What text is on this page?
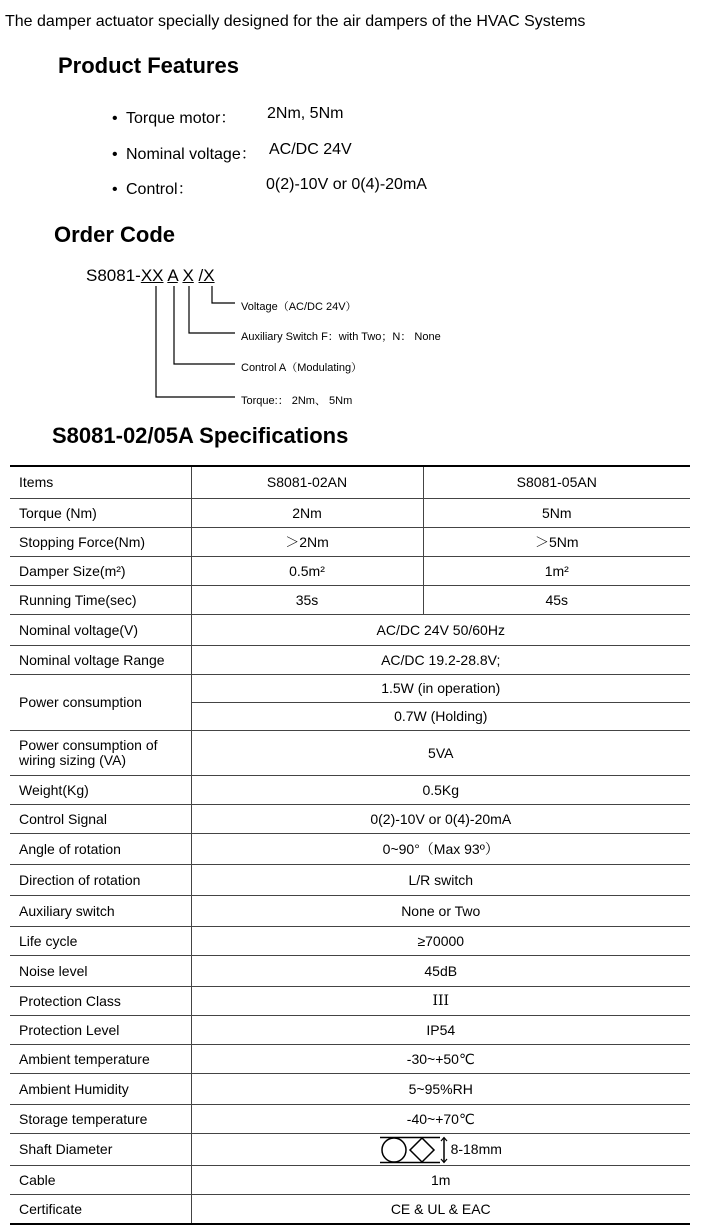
The damper actuator specially designed for the air dampers of the HVAC Systems
Product Features
• Torque motor： 2Nm, 5Nm
• Nominal voltage： AC/DC 24V
• Control：	0(2)-10V or 0(4)-20mA
Order Code
S8081-XX A X /X
Voltage（AC/DC 24V）
Auxiliary Switch F：with Two；N： None
Control A（Modulating）
Torque:： 2Nm、 5Nm
S8081-02/05A Specifications
Items	S8081-02AN	S8081-05AN
Torque (Nm)	2Nm	5Nm
Stopping Force(Nm)	＞2Nm	＞5Nm
Damper Size(m²)	0.5m²	1m²
Running Time(sec)	35s	45s
Nominal voltage(V)	AC/DC 24V 50/60Hz	
Nominal voltage Range	AC/DC 19.2-28.8V;	
Power consumption	1.5W (in operation)	
	0.7W (Holding)	
Power consumption of wiring sizing (VA)	5VA	
Weight(Kg)	0.5Kg	
Control Signal	0(2)-10V or 0(4)-20mA	
Angle of rotation	0~90°（Max 93º）	
Direction of rotation	L/R switch	
Auxiliary switch	None or Two	
Life cycle	≥70000	
Noise level	45dB	
Protection Class	III	
Protection Level	IP54	
Ambient temperature	-30~+50℃	
Ambient Humidity	5~95%RH	
Storage temperature	-40~+70℃	
Shaft Diameter	8-18mm	

Cable	1m	
Certificate	CE & UL & EAC	
